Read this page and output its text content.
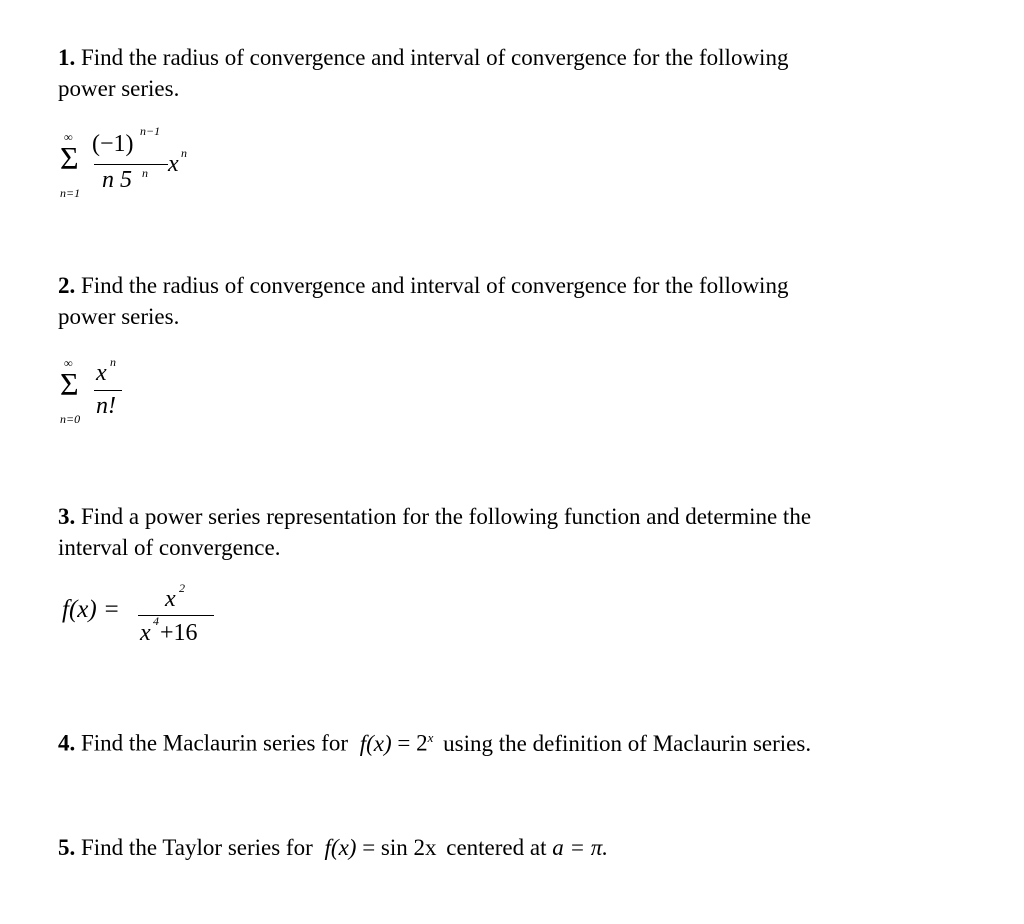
1. Find the radius of convergence and interval of convergence for the following
power series.
∞
Σ
n=1
(−1) n−1
n 5 n x n
2. Find the radius of convergence and interval of convergence for the following
power series.
∞
Σ
n=0
x n
n!
3. Find a power series representation for the following function and determine the
interval of convergence.
f(x) = x 2
x 4 +16
4. Find the Maclaurin series for $f(x) = 2^x$ using the definition of Maclaurin series.
5. Find the Taylor series for f(x) = sin 2x centered at a = π.
